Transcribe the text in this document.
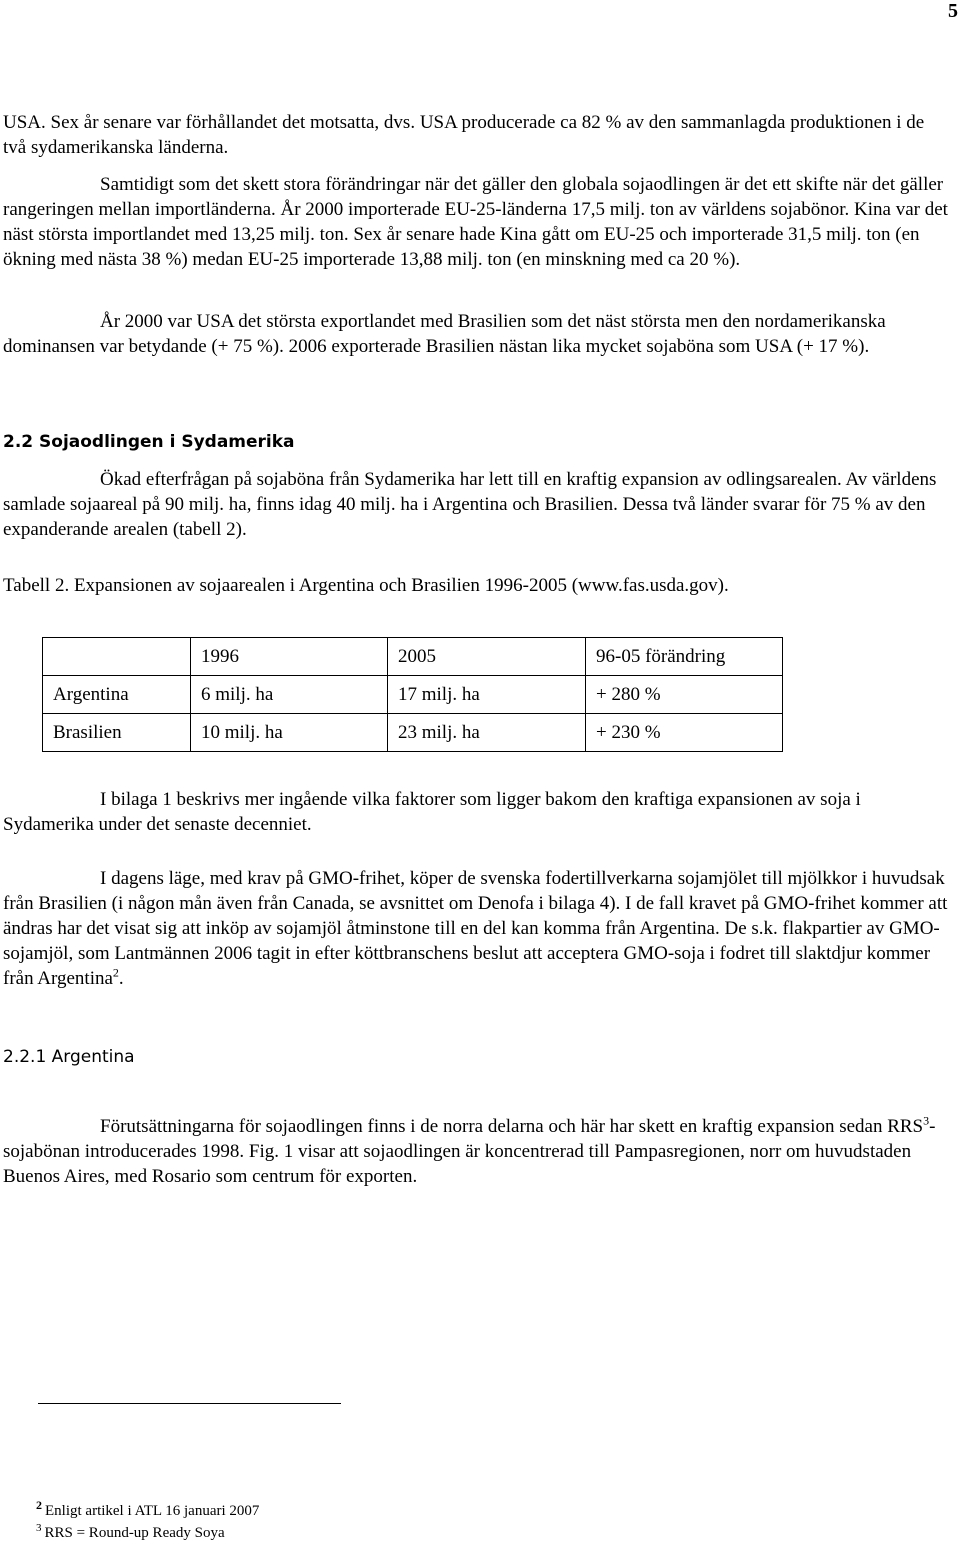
5

USA. Sex år senare var förhållandet det motsatta, dvs. USA producerade ca 82 % av den sammanlagda produktionen i de två sydamerikanska länderna.

Samtidigt som det skett stora förändringar när det gäller den globala sojaodlingen är det ett skifte när det gäller rangeringen mellan importländerna. År 2000 importerade EU-25-länderna 17,5 milj. ton av världens sojabönor. Kina var det näst största importlandet med 13,25 milj. ton. Sex år senare hade Kina gått om EU-25 och importerade 31,5 milj. ton (en ökning med nästa 38 %) medan EU-25 importerade 13,88 milj. ton (en minskning med ca 20 %).

År 2000 var USA det största exportlandet med Brasilien som det näst största men den nordamerikanska dominansen var betydande (+ 75 %). 2006 exporterade Brasilien nästan lika mycket sojaböna som USA (+ 17 %).

2.2 Sojaodlingen i Sydamerika

Ökad efterfrågan på sojaböna från Sydamerika har lett till en kraftig expansion av odlingsarealen. Av världens samlade sojaareal på 90 milj. ha, finns idag 40 milj. ha i Argentina och Brasilien. Dessa två länder svarar för 75 % av den expanderande arealen (tabell 2).

Tabell 2. Expansionen av sojaarealen i Argentina och Brasilien 1996-2005 (www.fas.usda.gov).

	1996	2005	96-05 förändring
Argentina	6 milj. ha	17 milj. ha	+ 280 %
Brasilien	10 milj. ha	23 milj. ha	+ 230 %

I bilaga 1 beskrivs mer ingående vilka faktorer som ligger bakom den kraftiga expansionen av soja i Sydamerika under det senaste decenniet.

I dagens läge, med krav på GMO-frihet, köper de svenska fodertillverkarna sojamjölet till mjölkkor i huvudsak från Brasilien (i någon mån även från Canada, se avsnittet om Denofa i bilaga 4). I de fall kravet på GMO-frihet kommer att ändras har det visat sig att inköp av sojamjöl åtminstone till en del kan komma från Argentina. De s.k. flakpartier av GMO-sojamjöl, som Lantmännen 2006 tagit in efter köttbranschens beslut att acceptera GMO-soja i fodret till slaktdjur kommer från Argentina$^2$.

2.2.1 Argentina

Förutsättningarna för sojaodlingen finns i de norra delarna och här har skett en kraftig expansion sedan RRS$^3$-sojabönan introducerades 1998. Fig. 1 visar att sojaodlingen är koncentrerad till Pampasregionen, norr om huvudstaden Buenos Aires, med Rosario som centrum för exporten.

$^2$ Enligt artikel i ATL 16 januari 2007
$^3$ RRS = Round-up Ready Soya
